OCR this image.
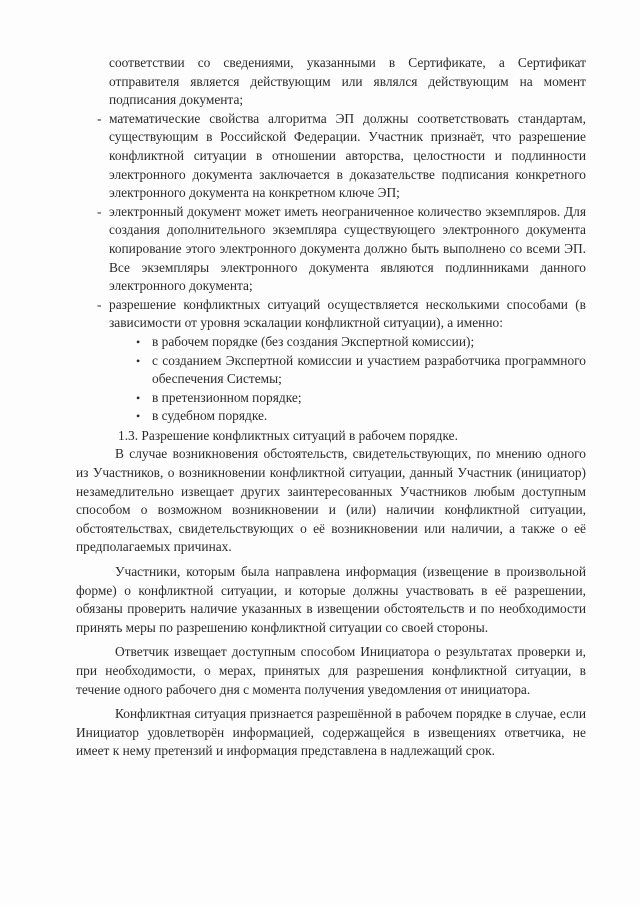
соответствии со сведениями, указанными в Сертификате, а Сертификат отправителя является действующим или являлся действующим на момент подписания документа;

- математические свойства алгоритма ЭП должны соответствовать стандартам, существующим в Российской Федерации. Участник признаёт, что разрешение конфликтной ситуации в отношении авторства, целостности и подлинности электронного документа заключается в доказательстве подписания конкретного электронного документа на конкретном ключе ЭП;

- электронный документ может иметь неограниченное количество экземпляров. Для создания дополнительного экземпляра существующего электронного документа копирование этого электронного документа должно быть выполнено со всеми ЭП. Все экземпляры электронного документа являются подлинниками данного электронного документа;

- разрешение конфликтных ситуаций осуществляется несколькими способами (в зависимости от уровня эскалации конфликтной ситуации), а именно:

• в рабочем порядке (без создания Экспертной комиссии);

• с созданием Экспертной комиссии и участием разработчика программного обеспечения Системы;

• в претензионном порядке;

• в судебном порядке.

1.3. Разрешение конфликтных ситуаций в рабочем порядке.

В случае возникновения обстоятельств, свидетельствующих, по мнению одного из Участников, о возникновении конфликтной ситуации, данный Участник (инициатор) незамедлительно извещает других заинтересованных Участников любым доступным способом о возможном возникновении и (или) наличии конфликтной ситуации, обстоятельствах, свидетельствующих о её возникновении или наличии, а также о её предполагаемых причинах.

Участники, которым была направлена информация (извещение в произвольной форме) о конфликтной ситуации, и которые должны участвовать в её разрешении, обязаны проверить наличие указанных в извещении обстоятельств и по необходимости принять меры по разрешению конфликтной ситуации со своей стороны.

Ответчик извещает доступным способом Инициатора о результатах проверки и, при необходимости, о мерах, принятых для разрешения конфликтной ситуации, в течение одного рабочего дня с момента получения уведомления от инициатора.

Конфликтная ситуация признается разрешённой в рабочем порядке в случае, если Инициатор удовлетворён информацией, содержащейся в извещениях ответчика, не имеет к нему претензий и информация представлена в надлежащий срок.
